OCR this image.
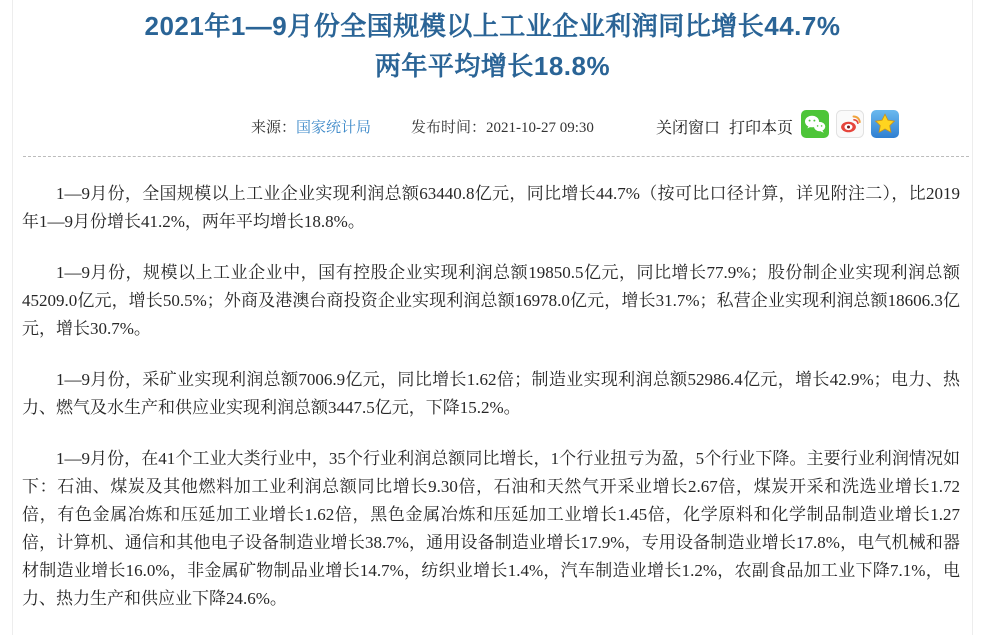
2021年1—9月份全国规模以上工业企业利润同比增长44.7%
两年平均增长18.8%
来源：国家统计局	发布时间：2021-10-27 09:30	关闭窗口 打印本页

1—9月份，全国规模以上工业企业实现利润总额63440.8亿元，同比增长44.7%（按可比口径计算，详见附注二），比2019年1—9月份增长41.2%，两年平均增长18.8%。

1—9月份，规模以上工业企业中，国有控股企业实现利润总额19850.5亿元，同比增长77.9%；股份制企业实现利润总额45209.0亿元，增长50.5%；外商及港澳台商投资企业实现利润总额16978.0亿元，增长31.7%；私营企业实现利润总额18606.3亿元，增长30.7%。

1—9月份，采矿业实现利润总额7006.9亿元，同比增长1.62倍；制造业实现利润总额52986.4亿元，增长42.9%；电力、热力、燃气及水生产和供应业实现利润总额3447.5亿元，下降15.2%。

1—9月份，在41个工业大类行业中，35个行业利润总额同比增长，1个行业扭亏为盈，5个行业下降。主要行业利润情况如下：石油、煤炭及其他燃料加工业利润总额同比增长9.30倍，石油和天然气开采业增长2.67倍，煤炭开采和洗选业增长1.72倍，有色金属冶炼和压延加工业增长1.62倍，黑色金属冶炼和压延加工业增长1.45倍，化学原料和化学制品制造业增长1.27倍，计算机、通信和其他电子设备制造业增长38.7%，通用设备制造业增长17.9%，专用设备制造业增长17.8%，电气机械和器材制造业增长16.0%，非金属矿物制品业增长14.7%，纺织业增长1.4%，汽车制造业增长1.2%，农副食品加工业下降7.1%，电力、热力生产和供应业下降24.6%。
